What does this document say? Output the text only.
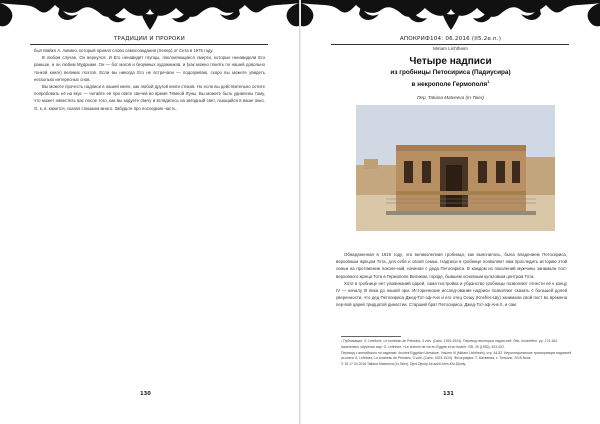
ТРАДИЦИИ И ПРОРОКИ

был Майкл А. Аквино, который принял слово самосозидания (Хепер) от Сета в 1975 году.

В любом случае, Он вернулся. И Его ненавидят глупцы, поклоняющиеся смерти, которые ненавидели Его раньше, и он любим Мудрыми. Он — бог магов и безумных художников, и (как можно понять по нашей довольно тонкой книге) великих поэтов. Если вы никогда Его не встречали — подозреваю, скоро вы можете увидеть несколько интересных снов.

Вы можете прочесть надписи в нашей книге, как любой другой книги стихов. Но если вы действительно хотите попробовать её на вкус — читайте её при свете свечей во время Тёмной Луны. Вы можете быть удивлены тому, что может навестить вас после того, как вы задуете свечу и вглядитесь на звёздный свет, льющийся в ваше окно. О, к, я, кажется, сказал слишком много. Забудьте про последние часть.

130
АПОКРИФ104: 06.2016 (II5.2e.n.)
Miriam Lichtheim
Четыре надписи
из гробницы Петосириса (Падиусира)
в некрополе Гермополя$^1$
Пер. Tatiana Matveeva (In-Taier)

Обнаруженная в 1919 году, эта великолепная гробница, как выяснилось, была владением Петосириса, верховным жрецом Тота, для себя и своей семьи. Надписи в гробнице позволяют нам проследить историю этой семьи на протяжении поколе-ний, начиная с деда Петосириса. В каждом из поколений мужчины занимали пост верховного жреца Тота в Гермополе Великом, городе, бывшем основным культовым центром Тота.

Хотя в гробнице нет упоминаний царей, сама постройка и убранство гробницы позволяют отнести её к концу IV — началу III века до нашей эры. Исторические исслед-ования надписи позволяют сказать с большей долей уверенности, что дед Петосириса Джед-Тот-эф-Анх и его отец Сешу (Knef/ec-Шу) занимали свой пост во времена пер-вой царей тридцатой династии. Старший брат Петосириса, Джед-Тот-эф-Анх II, и сам

¹ Публикация: G. Lefebvre, Le tombeau de Petosiris, 3 vols. (Cairo, 1923-1924). Перевод некоторых надпи-сей: Otto, Inschriften, pp. 174-184. Касательно обучения ему: G. Lefebvre, «Le chemin de vie en Égypte et en Israël», RB, 39 (1930), 403-432.

Перевод с английского по изданию: Ancient Egyptian Literature, Volume III (Miriam Lichtheim), стр. 44-52. Иероглифическое транскрипция надписей из книги G. Lefebvre, Le tombeau de Petosiris, 3 vols. (Cairo, 1923-1924). Фотография: Т. Матвеева, с. Тельэль, 2015 Воок.

© 15 17 04 2016 Tatiana Matveeva (In-Taier), Djed-Djhuty-iuf-ankh Ahm-Khi-Djhuty.

131
